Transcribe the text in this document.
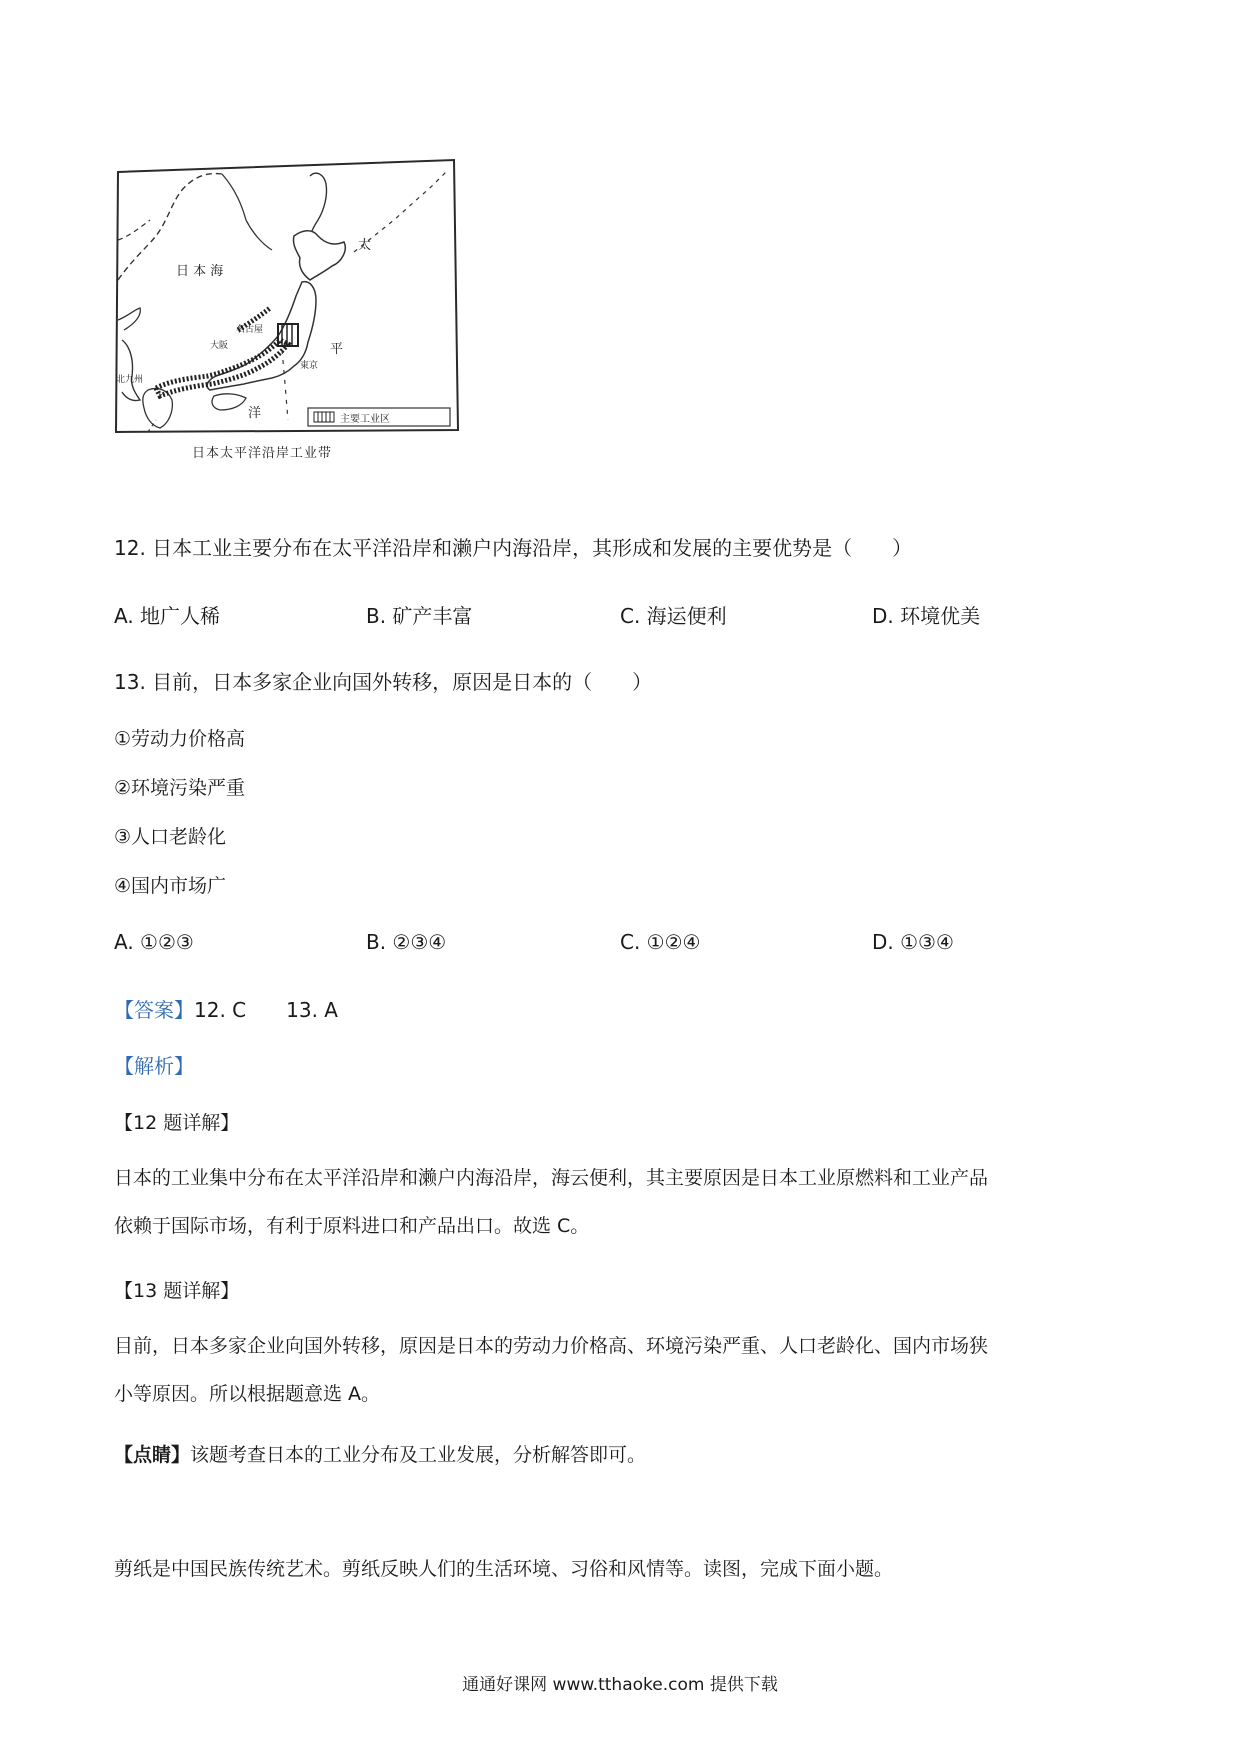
日 本 海
太
平
洋
大阪
名古屋
北九州
東京
主要工业区
日本太平洋沿岸工业带
12. 日本工业主要分布在太平洋沿岸和濑户内海沿岸，其形成和发展的主要优势是（　　）
A. 地广人稀	B. 矿产丰富	C. 海运便利	D. 环境优美
13. 目前，日本多家企业向国外转移，原因是日本的（　　）
①劳动力价格高
②环境污染严重
③人口老龄化
④国内市场广
A. ①②③	B. ②③④	C. ①②④	D. ①③④
【答案】12. C 13. A
【解析】
【12 题详解】
日本的工业集中分布在太平洋沿岸和濑户内海沿岸，海云便利，其主要原因是日本工业原燃料和工业产品
依赖于国际市场，有利于原料进口和产品出口。故选 C。
【13 题详解】
目前，日本多家企业向国外转移，原因是日本的劳动力价格高、环境污染严重、人口老龄化、国内市场狭
小等原因。所以根据题意选 A。
【点睛】该题考查日本的工业分布及工业发展，分析解答即可。
剪纸是中国民族传统艺术。剪纸反映人们的生活环境、习俗和风情等。读图，完成下面小题。
通通好课网 www.tthaoke.com 提供下载
